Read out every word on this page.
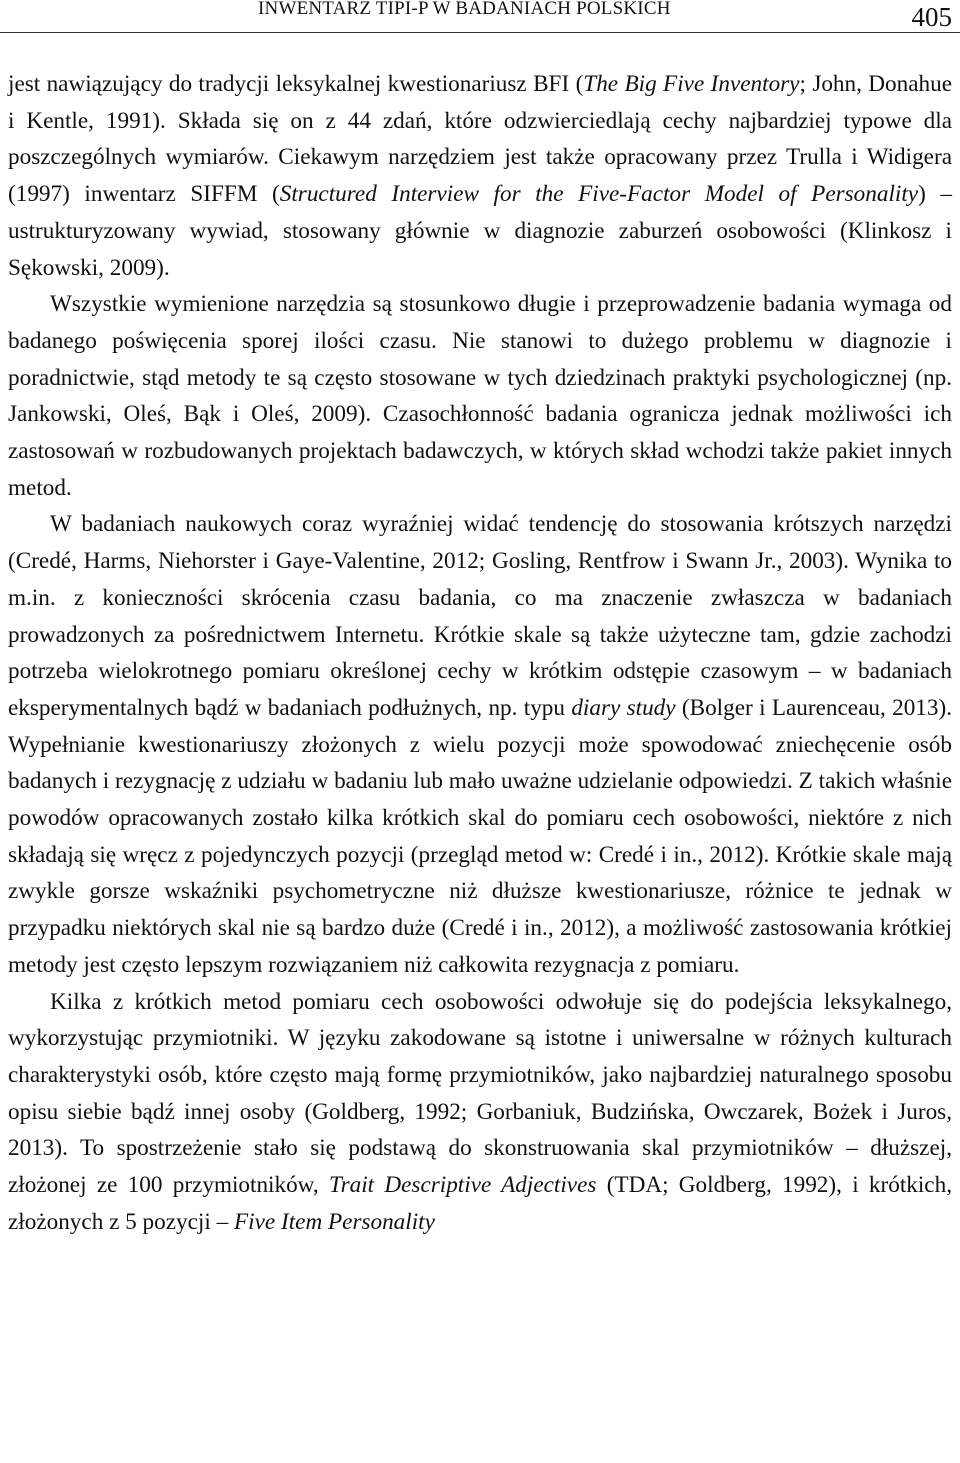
INWENTARZ TIPI-P W BADANIACH POLSKICH	405

jest nawiązujący do tradycji leksykalnej kwestionariusz BFI (The Big Five Inventory; John, Donahue i Kentle, 1991). Składa się on z 44 zdań, które odzwierciedlają cechy najbardziej typowe dla poszczególnych wymiarów. Ciekawym narzędziem jest także opracowany przez Trulla i Widigera (1997) inwentarz SIFFM (Structured Interview for the Five-Factor Model of Personality) – ustrukturyzowany wywiad, stosowany głównie w diagnozie zaburzeń osobowości (Klinkosz i Sękowski, 2009).

Wszystkie wymienione narzędzia są stosunkowo długie i przeprowadzenie badania wymaga od badanego poświęcenia sporej ilości czasu. Nie stanowi to dużego problemu w diagnozie i poradnictwie, stąd metody te są często stosowane w tych dziedzinach praktyki psychologicznej (np. Jankowski, Oleś, Bąk i Oleś, 2009). Czasochłonność badania ogranicza jednak możliwości ich zastosowań w rozbudowanych projektach badawczych, w których skład wchodzi także pakiet innych metod.

W badaniach naukowych coraz wyraźniej widać tendencję do stosowania krótszych narzędzi (Credé, Harms, Niehorster i Gaye-Valentine, 2012; Gosling, Rentfrow i Swann Jr., 2003). Wynika to m.in. z konieczności skrócenia czasu badania, co ma znaczenie zwłaszcza w badaniach prowadzonych za pośrednictwem Internetu. Krótkie skale są także użyteczne tam, gdzie zachodzi potrzeba wielokrotnego pomiaru określonej cechy w krótkim odstępie czasowym – w badaniach eksperymentalnych bądź w badaniach podłużnych, np. typu diary study (Bolger i Laurenceau, 2013). Wypełnianie kwestionariuszy złożonych z wielu pozycji może spowodować zniechęcenie osób badanych i rezygnację z udziału w badaniu lub mało uważne udzielanie odpowiedzi. Z takich właśnie powodów opracowanych zostało kilka krótkich skal do pomiaru cech osobowości, niektóre z nich składają się wręcz z pojedynczych pozycji (przegląd metod w: Credé i in., 2012). Krótkie skale mają zwykle gorsze wskaźniki psychometryczne niż dłuższe kwestionariusze, różnice te jednak w przypadku niektórych skal nie są bardzo duże (Credé i in., 2012), a możliwość zastosowania krótkiej metody jest często lepszym rozwiązaniem niż całkowita rezygnacja z pomiaru.

Kilka z krótkich metod pomiaru cech osobowości odwołuje się do podejścia leksykalnego, wykorzystując przymiotniki. W języku zakodowane są istotne i uniwersalne w różnych kulturach charakterystyki osób, które często mają formę przymiotników, jako najbardziej naturalnego sposobu opisu siebie bądź innej osoby (Goldberg, 1992; Gorbaniuk, Budzińska, Owczarek, Bożek i Juros, 2013). To spostrzeżenie stało się podstawą do skonstruowania skal przymiotników – dłuższej, złożonej ze 100 przymiotników, Trait Descriptive Adjectives (TDA; Goldberg, 1992), i krótkich, złożonych z 5 pozycji – Five Item Personality
